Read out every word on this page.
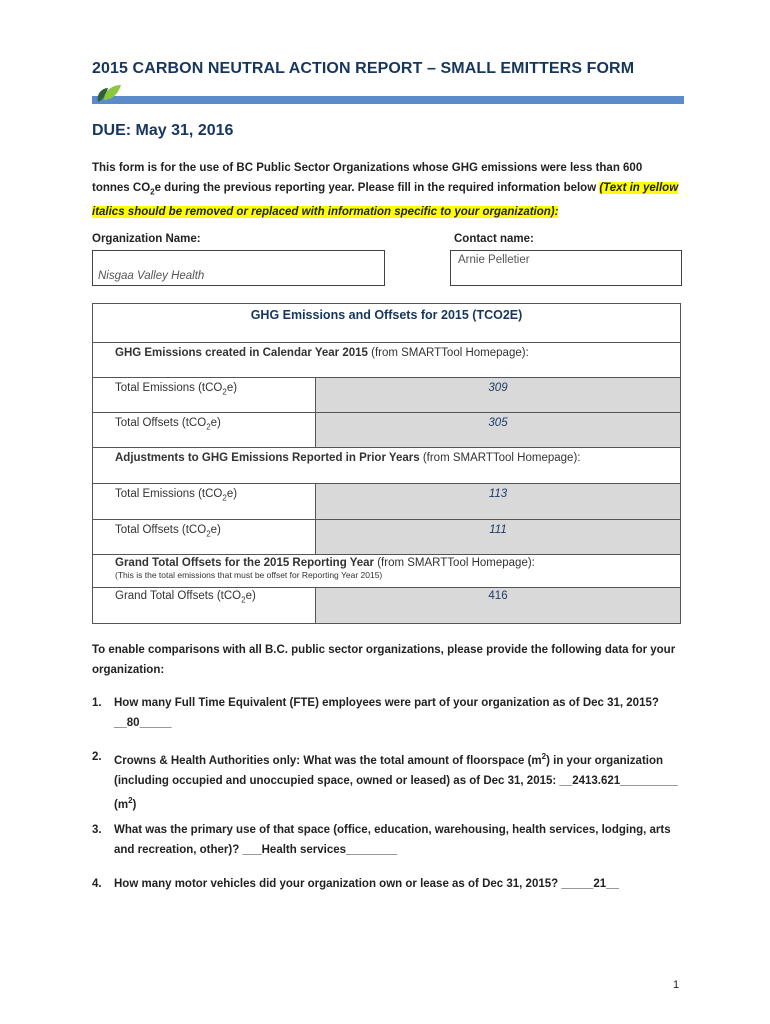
2015 CARBON NEUTRAL ACTION REPORT – SMALL EMITTERS FORM
DUE: May 31, 2016
This form is for the use of BC Public Sector Organizations whose GHG emissions were less than 600 tonnes $CO_2e$ during the previous reporting year. Please fill in the required information below (Text in yellow italics should be removed or replaced with information specific to your organization):
Organization Name:
Nisgaa Valley Health
Contact name:
Arnie Pelletier
GHG Emissions and Offsets for 2015 (TCO2E)	
GHG Emissions created in Calendar Year 2015 (from SMARTTool Homepage):	
Total Emissions (tCO$_2$e)	309
Total Offsets (tCO$_2$e)	305
Adjustments to GHG Emissions Reported in Prior Years (from SMARTTool Homepage):	
Total Emissions (tCO$_2$e)	113
Total Offsets (tCO$_2$e)	111
Grand Total Offsets for the 2015 Reporting Year (from SMARTTool Homepage):
(This is the total emissions that must be offset for Reporting Year 2015)	

Grand Total Offsets (tCO$_2$e)	416
To enable comparisons with all B.C. public sector organizations, please provide the following data for your organization:
1. How many Full Time Equivalent (FTE) employees were part of your organization as of Dec 31, 2015? __80_____
2. Crowns & Health Authorities only: What was the total amount of floorspace $(m^2)$ in your organization (including occupied and unoccupied space, owned or leased) as of Dec 31, 2015: __2413.621_________ $(m^2)$
3. What was the primary use of that space (office, education, warehousing, health services, lodging, arts and recreation, other)? ___Health services________
4. How many motor vehicles did your organization own or lease as of Dec 31, 2015? _____21__
1
